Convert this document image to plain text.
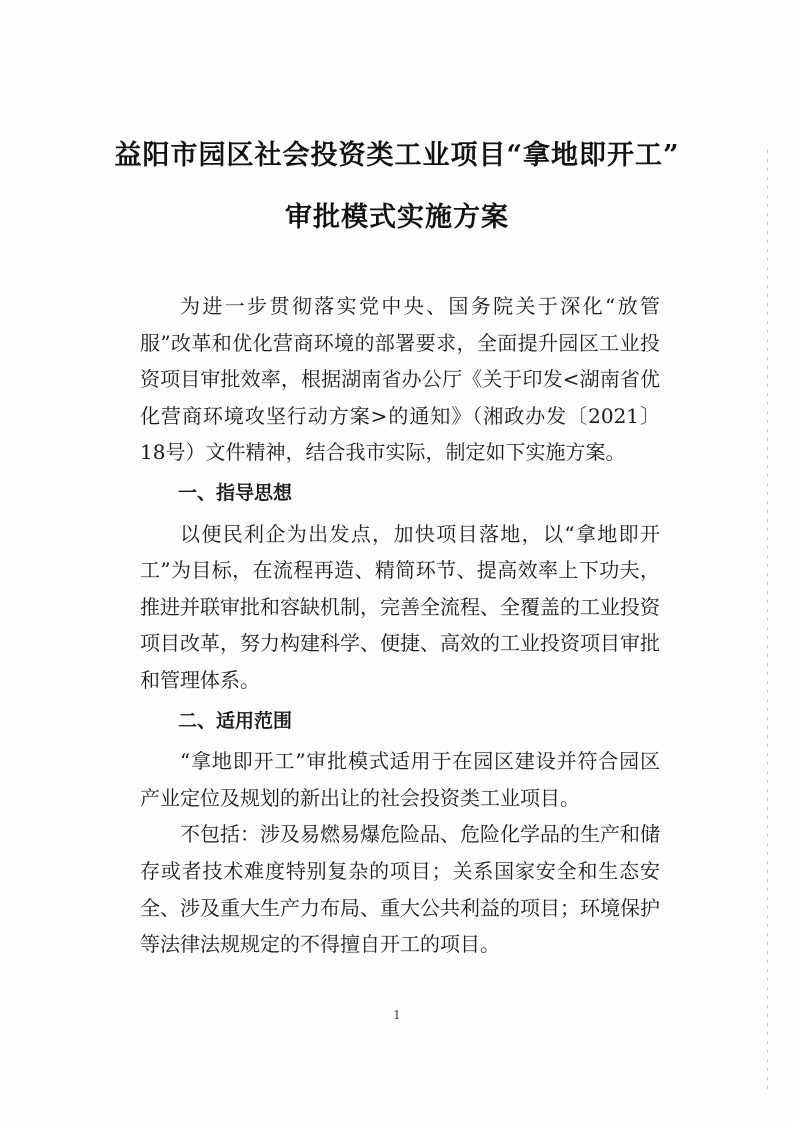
益阳市园区社会投资类工业项目“拿地即开工”
审批模式实施方案

为进一步贯彻落实党中央、国务院关于深化“放管服”改革和优化营商环境的部署要求，全面提升园区工业投资项目审批效率，根据湖南省办公厅《关于印发<湖南省优化营商环境攻坚行动方案>的通知》（湘政办发〔2021〕18号）文件精神，结合我市实际，制定如下实施方案。

一、指导思想

以便民利企为出发点，加快项目落地，以“拿地即开工”为目标，在流程再造、精简环节、提高效率上下功夫，推进并联审批和容缺机制，完善全流程、全覆盖的工业投资项目改革，努力构建科学、便捷、高效的工业投资项目审批和管理体系。

二、适用范围

“拿地即开工”审批模式适用于在园区建设并符合园区产业定位及规划的新出让的社会投资类工业项目。

不包括：涉及易燃易爆危险品、危险化学品的生产和储存或者技术难度特别复杂的项目；关系国家安全和生态安全、涉及重大生产力布局、重大公共利益的项目；环境保护等法律法规规定的不得擅自开工的项目。

1
